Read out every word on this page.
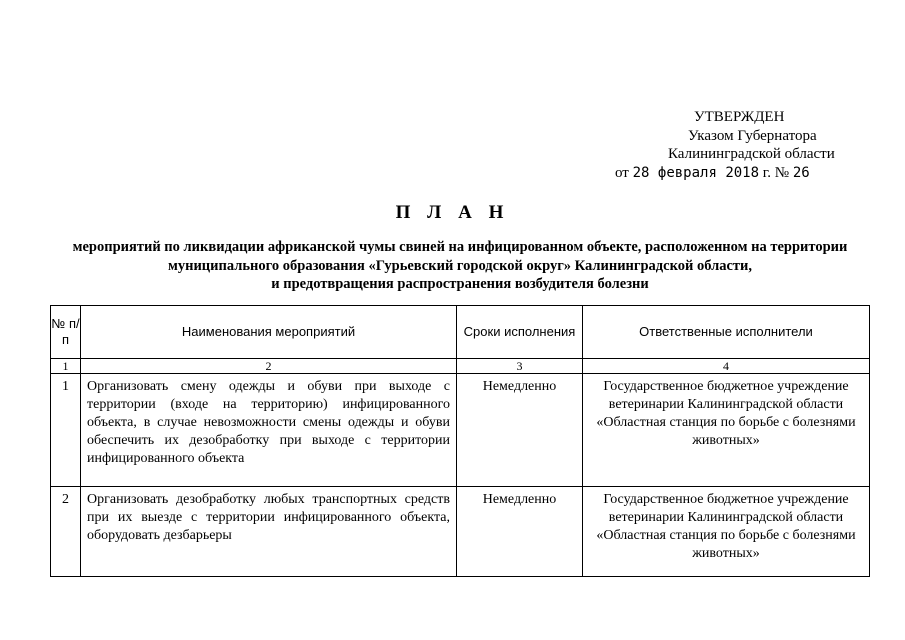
УТВЕРЖДЕН
Указом Губернатора
Калининградской области
от 28 февраля 2018 г. № 26
П Л А Н
мероприятий по ликвидации африканской чумы свиней на инфицированном объекте, расположенном на территории
муниципального образования «Гурьевский городской округ» Калининградской области,
и предотвращения распространения возбудителя болезни
№ п/п	Наименования мероприятий	Сроки исполнения	Ответственные исполнители
1	2	3	4
1	Организовать смену одежды и обуви при выходе с территории (входе на территорию) инфицированного объекта, в случае невозможности смены одежды и обуви обеспечить их дезобработку при выходе с территории инфицированного объекта	Немедленно	Государственное бюджетное учреждение ветеринарии Калининградской области «Областная станция по борьбе с болезнями животных»
2	Организовать дезобработку любых транспортных средств при их выезде с территории инфицированного объекта, оборудовать дезбарьеры	Немедленно	Государственное бюджетное учреждение ветеринарии Калининградской области «Областная станция по борьбе с болезнями животных»
